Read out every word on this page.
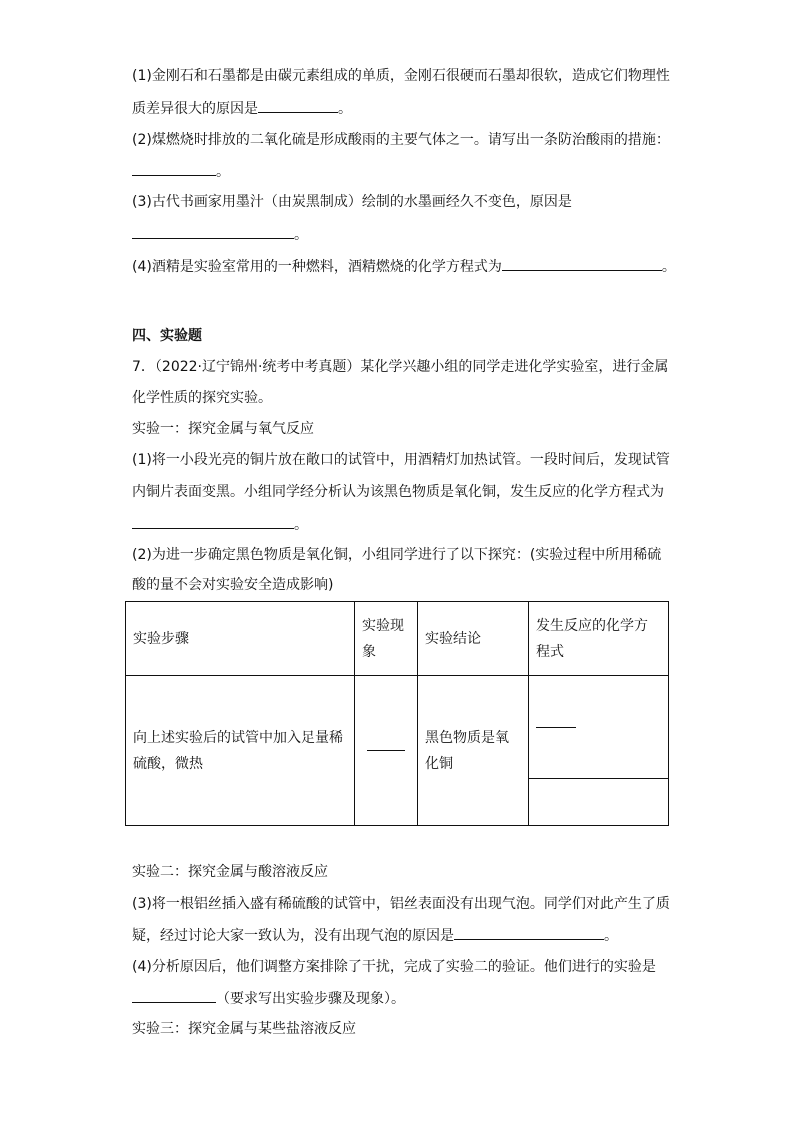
(1)金刚石和石墨都是由碳元素组成的单质，金刚石很硬而石墨却很软，造成它们物理性
质差异很大的原因是	。
(2)煤燃烧时排放的二氧化硫是形成酸雨的主要气体之一。请写出一条防治酸雨的措施：
。
(3)古代书画家用墨汁（由炭黑制成）绘制的水墨画经久不变色，原因是
。
(4)酒精是实验室常用的一种燃料，酒精燃烧的化学方程式为	。
四、实验题
7．（2022·辽宁锦州·统考中考真题）某化学兴趣小组的同学走进化学实验室，进行金属
化学性质的探究实验。
实验一：探究金属与氧气反应
(1)将一小段光亮的铜片放在敞口的试管中，用酒精灯加热试管。一段时间后，发现试管
内铜片表面变黑。小组同学经分析认为该黑色物质是氧化铜，发生反应的化学方程式为
。
(2)为进一步确定黑色物质是氧化铜，小组同学进行了以下探究：(实验过程中所用稀硫
酸的量不会对实验安全造成影响)
实验步骤	实验现象	实验结论	发生反应的化学方程式
向上述实验后的试管中加入足量稀硫酸，微热		黑色物质是氧化铜	

实验二：探究金属与酸溶液反应
(3)将一根铝丝插入盛有稀硫酸的试管中，铝丝表面没有出现气泡。同学们对此产生了质
疑，经过讨论大家一致认为，没有出现气泡的原因是	。
(4)分析原因后，他们调整方案排除了干扰，完成了实验二的验证。他们进行的实验是
（要求写出实验步骤及现象）。
实验三：探究金属与某些盐溶液反应
